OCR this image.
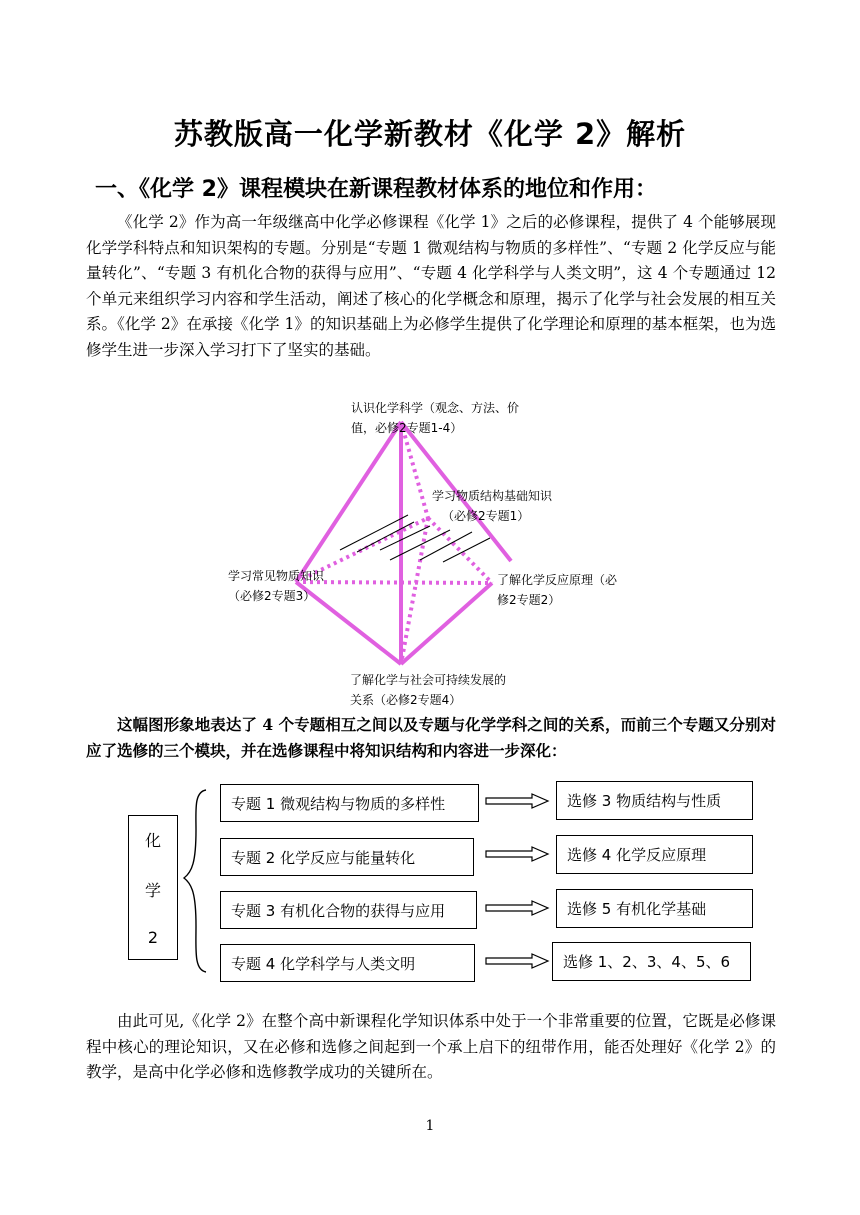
苏教版高一化学新教材《化学 2》解析
一、《化学 2》课程模块在新课程教材体系的地位和作用：

《化学 2》作为高一年级继高中化学必修课程《化学 1》之后的必修课程，提供了 4 个能够展现化学学科特点和知识架构的专题。分别是“专题 1 微观结构与物质的多样性”、“专题 2 化学反应与能量转化”、“专题 3 有机化合物的获得与应用”、“专题 4 化学科学与人类文明”，这 4 个专题通过 12 个单元来组织学习内容和学生活动，阐述了核心的化学概念和原理，揭示了化学与社会发展的相互关系。《化学 2》在承接《化学 1》的知识基础上为必修学生提供了化学理论和原理的基本框架，也为选修学生进一步深入学习打下了坚实的基础。

认识化学科学（观念、方法、价
值，必修2专题1-4）
学习物质结构基础知识
（必修2专题1）
学习常见物质知识
（必修2专题3）
了解化学反应原理（必
修2专题2）
了解化学与社会可持续发展的
关系（必修2专题4）

这幅图形象地表达了 4 个专题相互之间以及专题与化学学科之间的关系，而前三个专题又分别对应了选修的三个模块，并在选修课程中将知识结构和内容进一步深化：

化
学
2
专题 1 微观结构与物质的多样性
专题 2 化学反应与能量转化
专题 3 有机化合物的获得与应用
专题 4 化学科学与人类文明
选修 3 物质结构与性质
选修 4 化学反应原理
选修 5 有机化学基础
选修 1、2、3、4、5、6

由此可见,《化学 2》在整个高中新课程化学知识体系中处于一个非常重要的位置，它既是必修课程中核心的理论知识，又在必修和选修之间起到一个承上启下的纽带作用，能否处理好《化学 2》的教学，是高中化学必修和选修教学成功的关键所在。

1
